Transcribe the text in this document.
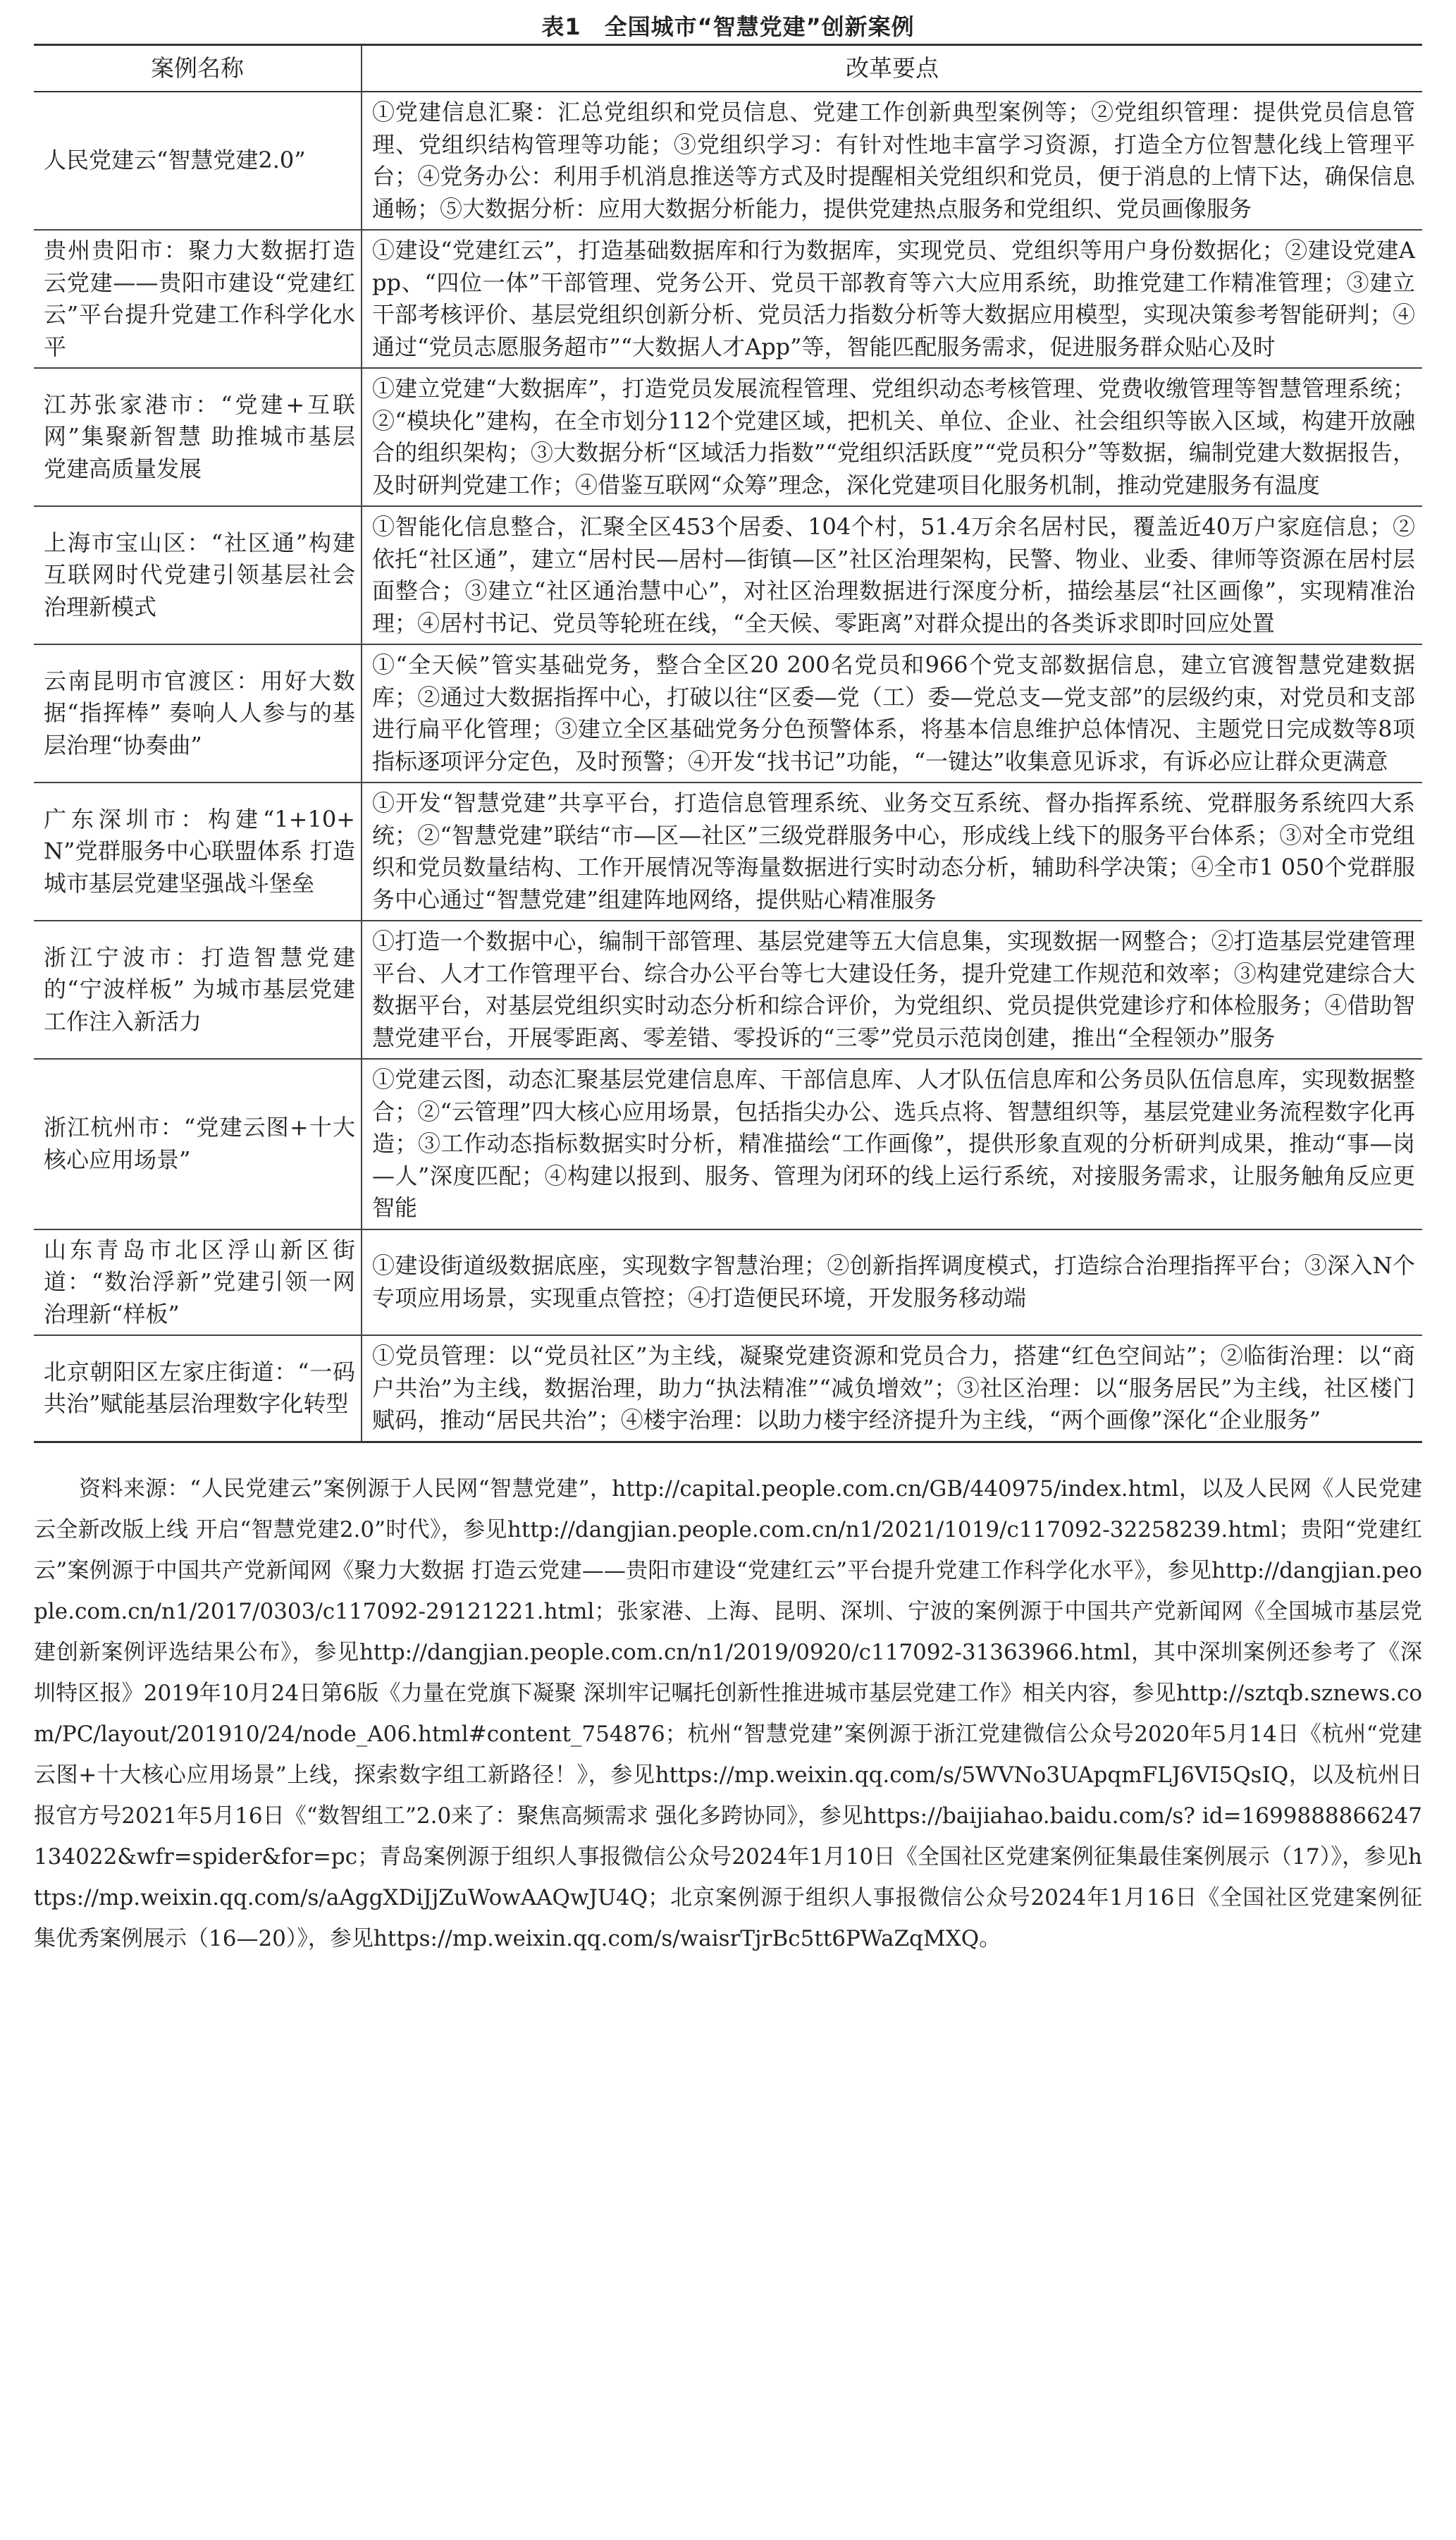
表1　全国城市“智慧党建”创新案例
案例名称	改革要点
人民党建云“智慧党建2.0”	①党建信息汇聚：汇总党组织和党员信息、党建工作创新典型案例等；②党组织管理：提供党员信息管理、党组织结构管理等功能；③党组织学习：有针对性地丰富学习资源，打造全方位智慧化线上管理平台；④党务办公：利用手机消息推送等方式及时提醒相关党组织和党员，便于消息的上情下达，确保信息通畅；⑤大数据分析：应用大数据分析能力，提供党建热点服务和党组织、党员画像服务
贵州贵阳市：聚力大数据打造云党建——贵阳市建设“党建红云”平台提升党建工作科学化水平	①建设“党建红云”，打造基础数据库和行为数据库，实现党员、党组织等用户身份数据化；②建设党建App、“四位一体”干部管理、党务公开、党员干部教育等六大应用系统，助推党建工作精准管理；③建立干部考核评价、基层党组织创新分析、党员活力指数分析等大数据应用模型，实现决策参考智能研判；④通过“党员志愿服务超市”“大数据人才App”等，智能匹配服务需求，促进服务群众贴心及时
江苏张家港市：“党建+互联网”集聚新智慧 助推城市基层党建高质量发展	①建立党建“大数据库”，打造党员发展流程管理、党组织动态考核管理、党费收缴管理等智慧管理系统；②“模块化”建构，在全市划分112个党建区域，把机关、单位、企业、社会组织等嵌入区域，构建开放融合的组织架构；③大数据分析“区域活力指数”“党组织活跃度”“党员积分”等数据，编制党建大数据报告，及时研判党建工作；④借鉴互联网“众筹”理念，深化党建项目化服务机制，推动党建服务有温度
上海市宝山区：“社区通”构建互联网时代党建引领基层社会治理新模式	①智能化信息整合，汇聚全区453个居委、104个村，51.4万余名居村民，覆盖近40万户家庭信息；②依托“社区通”，建立“居村民—居村—街镇—区”社区治理架构，民警、物业、业委、律师等资源在居村层面整合；③建立“社区通治慧中心”，对社区治理数据进行深度分析，描绘基层“社区画像”，实现精准治理；④居村书记、党员等轮班在线，“全天候、零距离”对群众提出的各类诉求即时回应处置
云南昆明市官渡区：用好大数据“指挥棒” 奏响人人参与的基层治理“协奏曲”	①“全天候”管实基础党务，整合全区20 200名党员和966个党支部数据信息，建立官渡智慧党建数据库；②通过大数据指挥中心，打破以往“区委—党（工）委—党总支—党支部”的层级约束，对党员和支部进行扁平化管理；③建立全区基础党务分色预警体系，将基本信息维护总体情况、主题党日完成数等8项指标逐项评分定色，及时预警；④开发“找书记”功能，“一键达”收集意见诉求，有诉必应让群众更满意
广东深圳市：构建“1+10+N”党群服务中心联盟体系 打造城市基层党建坚强战斗堡垒	①开发“智慧党建”共享平台，打造信息管理系统、业务交互系统、督办指挥系统、党群服务系统四大系统；②“智慧党建”联结“市—区—社区”三级党群服务中心，形成线上线下的服务平台体系；③对全市党组织和党员数量结构、工作开展情况等海量数据进行实时动态分析，辅助科学决策；④全市1 050个党群服务中心通过“智慧党建”组建阵地网络，提供贴心精准服务
浙江宁波市：打造智慧党建的“宁波样板” 为城市基层党建工作注入新活力	①打造一个数据中心，编制干部管理、基层党建等五大信息集，实现数据一网整合；②打造基层党建管理平台、人才工作管理平台、综合办公平台等七大建设任务，提升党建工作规范和效率；③构建党建综合大数据平台，对基层党组织实时动态分析和综合评价，为党组织、党员提供党建诊疗和体检服务；④借助智慧党建平台，开展零距离、零差错、零投诉的“三零”党员示范岗创建，推出“全程领办”服务
浙江杭州市：“党建云图+十大核心应用场景”	①党建云图，动态汇聚基层党建信息库、干部信息库、人才队伍信息库和公务员队伍信息库，实现数据整合；②“云管理”四大核心应用场景，包括指尖办公、选兵点将、智慧组织等，基层党建业务流程数字化再造；③工作动态指标数据实时分析，精准描绘“工作画像”，提供形象直观的分析研判成果，推动“事—岗—人”深度匹配；④构建以报到、服务、管理为闭环的线上运行系统，对接服务需求，让服务触角反应更智能
山东青岛市北区浮山新区街道：“数治浮新”党建引领一网治理新“样板”	①建设街道级数据底座，实现数字智慧治理；②创新指挥调度模式，打造综合治理指挥平台；③深入N个专项应用场景，实现重点管控；④打造便民环境，开发服务移动端
北京朝阳区左家庄街道：“一码共治”赋能基层治理数字化转型	①党员管理：以“党员社区”为主线，凝聚党建资源和党员合力，搭建“红色空间站”；②临街治理：以“商户共治”为主线，数据治理，助力“执法精准”“减负增效”；③社区治理：以“服务居民”为主线，社区楼门赋码，推动“居民共治”；④楼宇治理：以助力楼宇经济提升为主线，“两个画像”深化“企业服务”

资料来源：“人民党建云”案例源于人民网“智慧党建”，http://capital.people.com.cn/GB/440975/index.html，以及人民网《人民党建云全新改版上线 开启“智慧党建2.0”时代》，参见http://dangjian.people.com.cn/n1/2021/1019/c117092-32258239.html；贵阳“党建红云”案例源于中国共产党新闻网《聚力大数据 打造云党建——贵阳市建设“党建红云”平台提升党建工作科学化水平》，参见http://dangjian.people.com.cn/n1/2017/0303/c117092-29121221.html；张家港、上海、昆明、深圳、宁波的案例源于中国共产党新闻网《全国城市基层党建创新案例评选结果公布》，参见http://dangjian.people.com.cn/n1/2019/0920/c117092-31363966.html，其中深圳案例还参考了《深圳特区报》2019年10月24日第6版《力量在党旗下凝聚 深圳牢记嘱托创新性推进城市基层党建工作》相关内容，参见http://sztqb.sznews.com/PC/layout/201910/24/node_A06.html#content_754876；杭州“智慧党建”案例源于浙江党建微信公众号2020年5月14日《杭州“党建云图+十大核心应用场景”上线，探索数字组工新路径！》，参见https://mp.weixin.qq.com/s/5WVNo3UApqmFLJ6VI5QsIQ，以及杭州日报官方号2021年5月16日《“数智组工”2.0来了：聚焦高频需求 强化多跨协同》，参见https://baijiahao.baidu.com/s? id=1699888866247134022&wfr=spider&for=pc；青岛案例源于组织人事报微信公众号2024年1月10日《全国社区党建案例征集最佳案例展示（17）》，参见https://mp.weixin.qq.com/s/aAggXDiJjZuWowAAQwJU4Q；北京案例源于组织人事报微信公众号2024年1月16日《全国社区党建案例征集优秀案例展示（16—20）》，参见https://mp.weixin.qq.com/s/waisrTjrBc5tt6PWaZqMXQ。
